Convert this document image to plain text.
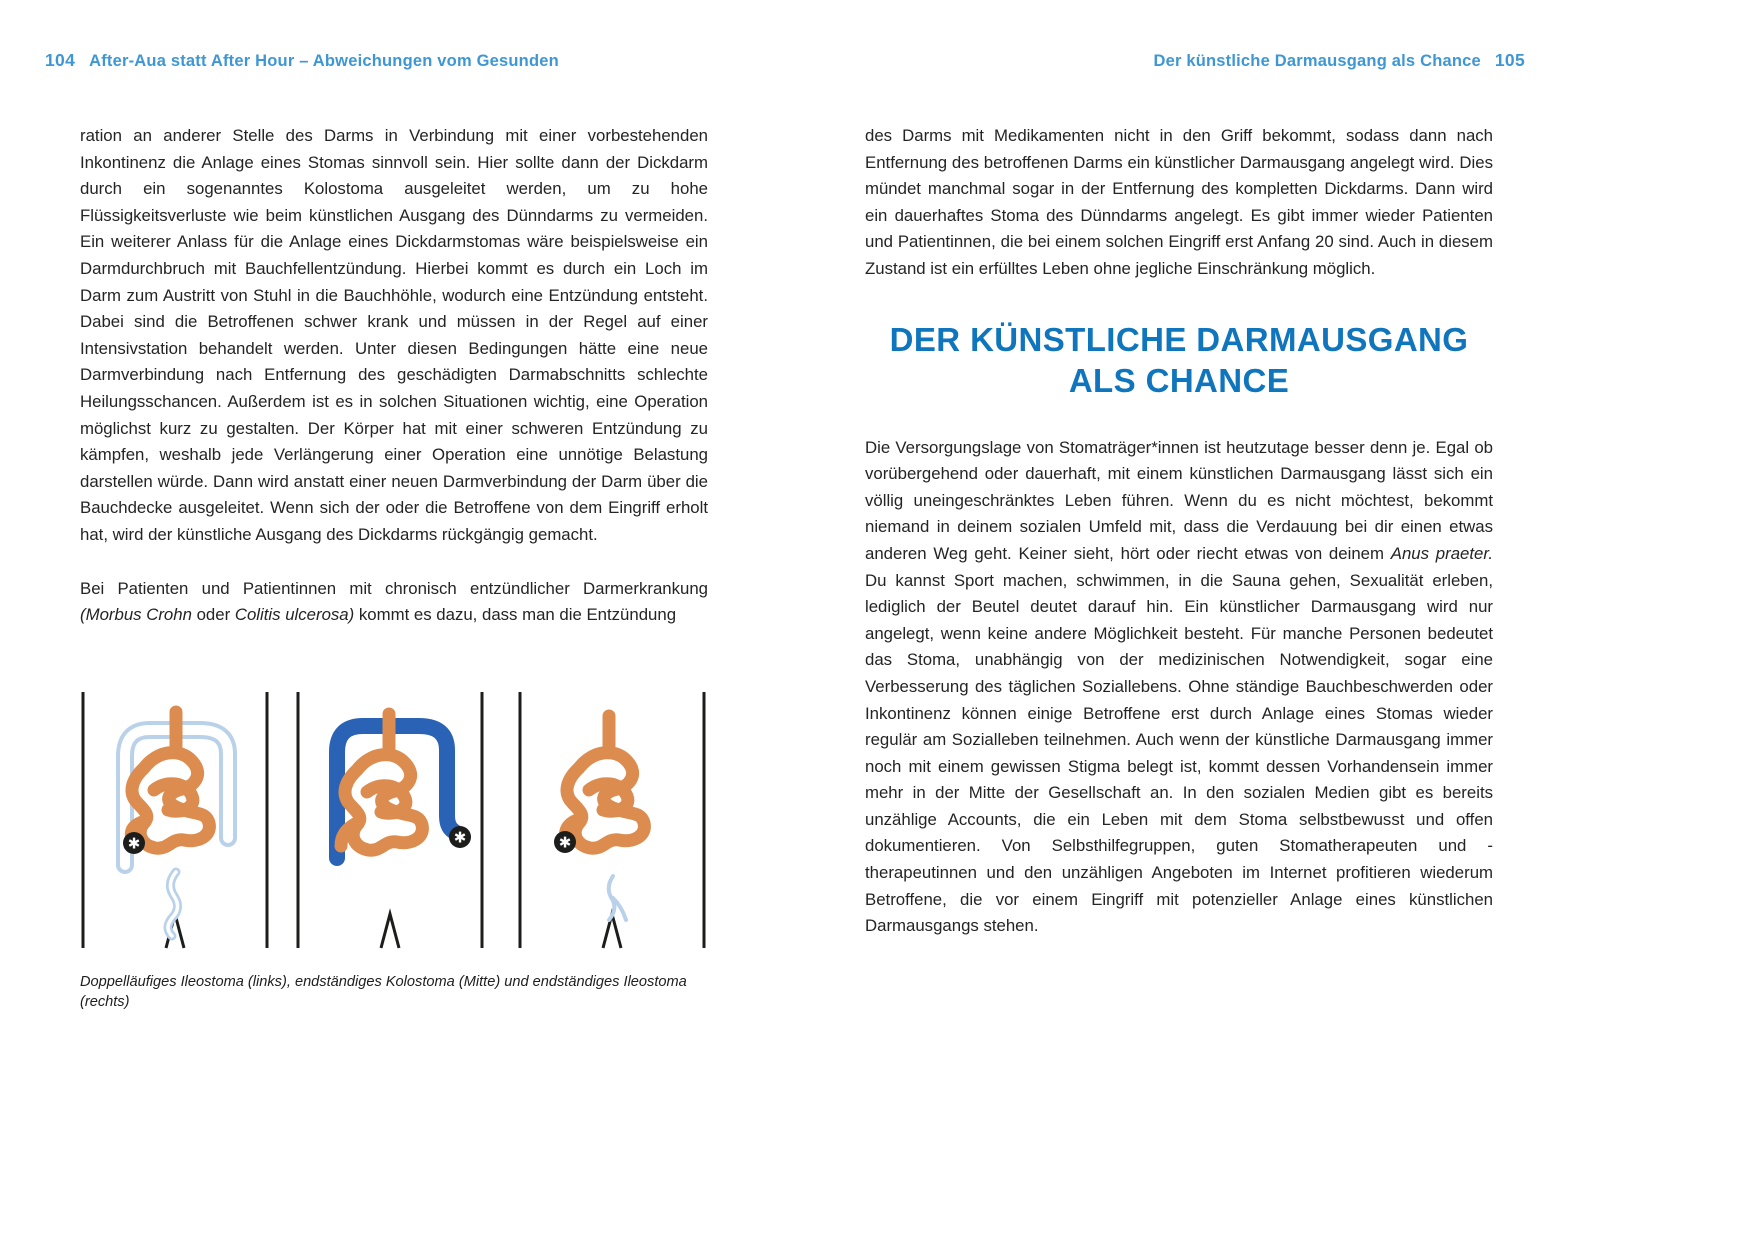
104 After-Aua statt After Hour – Abweichungen vom Gesunden	Der künstliche Darmausgang als Chance 105

ration an anderer Stelle des Darms in Verbindung mit einer vorbestehenden Inkontinenz die Anlage eines Stomas sinnvoll sein. Hier sollte dann der Dickdarm durch ein sogenanntes Kolostoma ausgeleitet werden, um zu hohe Flüssigkeitsverluste wie beim künstlichen Ausgang des Dünndarms zu vermeiden. Ein weiterer Anlass für die Anlage eines Dickdarmstomas wäre beispielsweise ein Darmdurchbruch mit Bauchfellentzündung. Hierbei kommt es durch ein Loch im Darm zum Austritt von Stuhl in die Bauchhöhle, wodurch eine Entzündung entsteht. Dabei sind die Betroffenen schwer krank und müssen in der Regel auf einer Intensivstation behandelt werden. Unter diesen Bedingungen hätte eine neue Darmverbindung nach Entfernung des geschädigten Darmabschnitts schlechte Heilungsschancen. Außerdem ist es in solchen Situationen wichtig, eine Operation möglichst kurz zu gestalten. Der Körper hat mit einer schweren Entzündung zu kämpfen, weshalb jede Verlängerung einer Operation eine unnötige Belastung darstellen würde. Dann wird anstatt einer neuen Darmverbindung der Darm über die Bauchdecke ausgeleitet. Wenn sich der oder die Betroffene von dem Eingriff erholt hat, wird der künstliche Ausgang des Dickdarms rückgängig gemacht.

Bei Patienten und Patientinnen mit chronisch entzündlicher Darmerkrankung (Morbus Crohn oder Colitis ulcerosa) kommt es dazu, dass man die Entzündung

✱	✱	✱
Doppelläufiges Ileostoma (links), endständiges Kolostoma (Mitte) und endständiges Ileostoma (rechts)

des Darms mit Medikamenten nicht in den Griff bekommt, sodass dann nach Entfernung des betroffenen Darms ein künstlicher Darmausgang angelegt wird. Dies mündet manchmal sogar in der Entfernung des kompletten Dickdarms. Dann wird ein dauerhaftes Stoma des Dünndarms angelegt. Es gibt immer wieder Patienten und Patientinnen, die bei einem solchen Eingriff erst Anfang 20 sind. Auch in diesem Zustand ist ein erfülltes Leben ohne jegliche Einschränkung möglich.

DER KÜNSTLICHE DARMAUSGANG ALS CHANCE

Die Versorgungslage von Stomaträger*innen ist heutzutage besser denn je. Egal ob vorübergehend oder dauerhaft, mit einem künstlichen Darmausgang lässt sich ein völlig uneingeschränktes Leben führen. Wenn du es nicht möchtest, bekommt niemand in deinem sozialen Umfeld mit, dass die Verdauung bei dir einen etwas anderen Weg geht. Keiner sieht, hört oder riecht etwas von deinem Anus praeter. Du kannst Sport machen, schwimmen, in die Sauna gehen, Sexualität erleben, lediglich der Beutel deutet darauf hin. Ein künstlicher Darmausgang wird nur angelegt, wenn keine andere Möglichkeit besteht. Für manche Personen bedeutet das Stoma, unabhängig von der medizinischen Notwendigkeit, sogar eine Verbesserung des täglichen Soziallebens. Ohne ständige Bauchbeschwerden oder Inkontinenz können einige Betroffene erst durch Anlage eines Stomas wieder regulär am Sozialleben teilnehmen. Auch wenn der künstliche Darmausgang immer noch mit einem gewissen Stigma belegt ist, kommt dessen Vorhandensein immer mehr in der Mitte der Gesellschaft an. In den sozialen Medien gibt es bereits unzählige Accounts, die ein Leben mit dem Stoma selbstbewusst und offen dokumentieren. Von Selbsthilfegruppen, guten Stomatherapeuten und -therapeutinnen und den unzähligen Angeboten im Internet profitieren wiederum Betroffene, die vor einem Eingriff mit potenzieller Anlage eines künstlichen Darmausgangs stehen.
